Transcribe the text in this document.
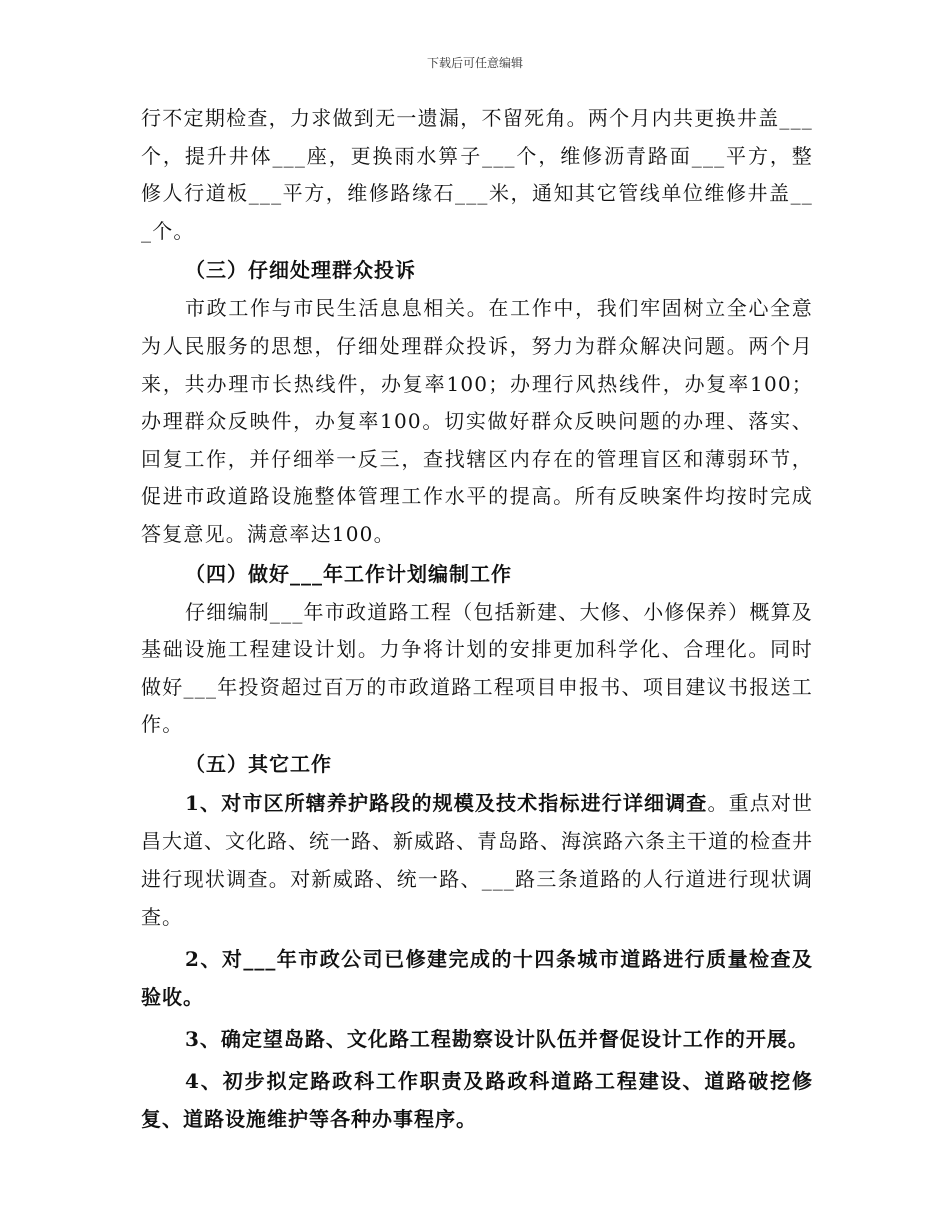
下载后可任意编辑

行不定期检查，力求做到无一遗漏，不留死角。两个月内共更换井盖___个，提升井体___座，更换雨水箅子___个，维修沥青路面___平方，整修人行道板___平方，维修路缘石___米，通知其它管线单位维修井盖___个。

（三）仔细处理群众投诉

市政工作与市民生活息息相关。在工作中，我们牢固树立全心全意为人民服务的思想，仔细处理群众投诉，努力为群众解决问题。两个月来，共办理市长热线件，办复率100；办理行风热线件，办复率100；办理群众反映件，办复率100。切实做好群众反映问题的办理、落实、回复工作，并仔细举一反三，查找辖区内存在的管理盲区和薄弱环节，促进市政道路设施整体管理工作水平的提高。所有反映案件均按时完成答复意见。满意率达100。

（四）做好___年工作计划编制工作

仔细编制___年市政道路工程（包括新建、大修、小修保养）概算及基础设施工程建设计划。力争将计划的安排更加科学化、合理化。同时做好___年投资超过百万的市政道路工程项目申报书、项目建议书报送工作。

（五）其它工作

1、对市区所辖养护路段的规模及技术指标进行详细调查。重点对世昌大道、文化路、统一路、新威路、青岛路、海滨路六条主干道的检查井进行现状调查。对新威路、统一路、___路三条道路的人行道进行现状调查。

2、对___年市政公司已修建完成的十四条城市道路进行质量检查及验收。

3、确定望岛路、文化路工程勘察设计队伍并督促设计工作的开展。

4、初步拟定路政科工作职责及路政科道路工程建设、道路破挖修复、道路设施维护等各种办事程序。
